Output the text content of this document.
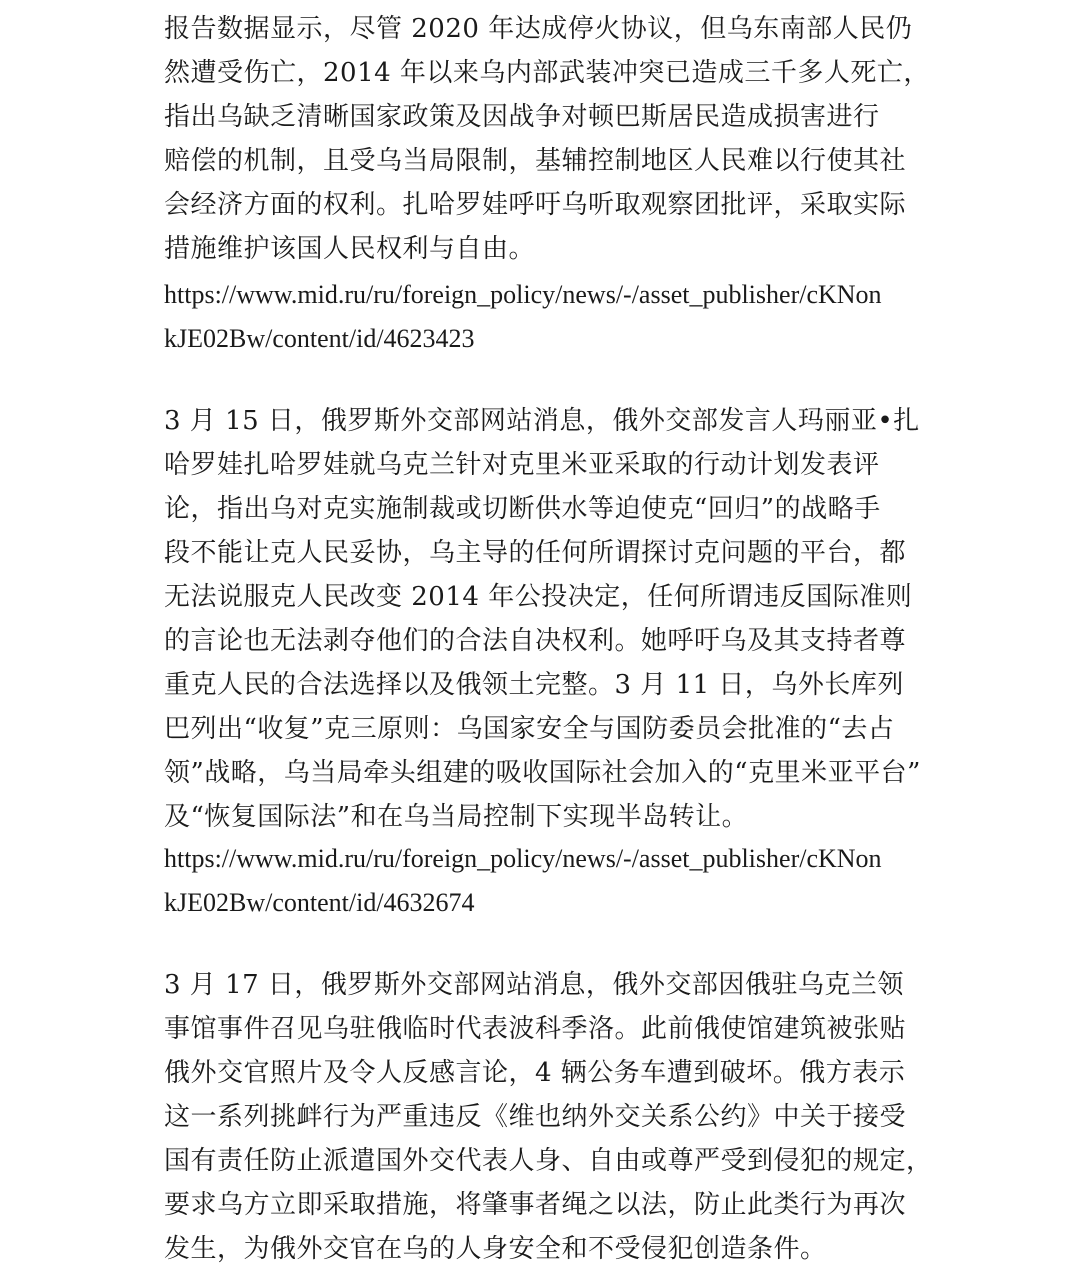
报告数据显示，尽管 2020 年达成停火协议，但乌东南部人民仍
然遭受伤亡，2014 年以来乌内部武装冲突已造成三千多人死亡，
指出乌缺乏清晰国家政策及因战争对顿巴斯居民造成损害进行
赔偿的机制，且受乌当局限制，基辅控制地区人民难以行使其社
会经济方面的权利。扎哈罗娃呼吁乌听取观察团批评，采取实际
措施维护该国人民权利与自由。
https://www.mid.ru/ru/foreign_policy/news/-/asset_publisher/cKNon
kJE02Bw/content/id/4623423
3 月 15 日，俄罗斯外交部网站消息，俄外交部发言人玛丽亚•扎
哈罗娃扎哈罗娃就乌克兰针对克里米亚采取的行动计划发表评
论，指出乌对克实施制裁或切断供水等迫使克“回归”的战略手
段不能让克人民妥协，乌主导的任何所谓探讨克问题的平台，都
无法说服克人民改变 2014 年公投决定，任何所谓违反国际准则
的言论也无法剥夺他们的合法自决权利。她呼吁乌及其支持者尊
重克人民的合法选择以及俄领土完整。3 月 11 日，乌外长库列
巴列出“收复”克三原则：乌国家安全与国防委员会批准的“去占
领”战略，乌当局牵头组建的吸收国际社会加入的“克里米亚平台”
及“恢复国际法”和在乌当局控制下实现半岛转让。
https://www.mid.ru/ru/foreign_policy/news/-/asset_publisher/cKNon
kJE02Bw/content/id/4632674
3 月 17 日，俄罗斯外交部网站消息，俄外交部因俄驻乌克兰领
事馆事件召见乌驻俄临时代表波科季洛。此前俄使馆建筑被张贴
俄外交官照片及令人反感言论，4 辆公务车遭到破坏。俄方表示
这一系列挑衅行为严重违反《维也纳外交关系公约》中关于接受
国有责任防止派遣国外交代表人身、自由或尊严受到侵犯的规定，
要求乌方立即采取措施，将肇事者绳之以法，防止此类行为再次
发生，为俄外交官在乌的人身安全和不受侵犯创造条件。
